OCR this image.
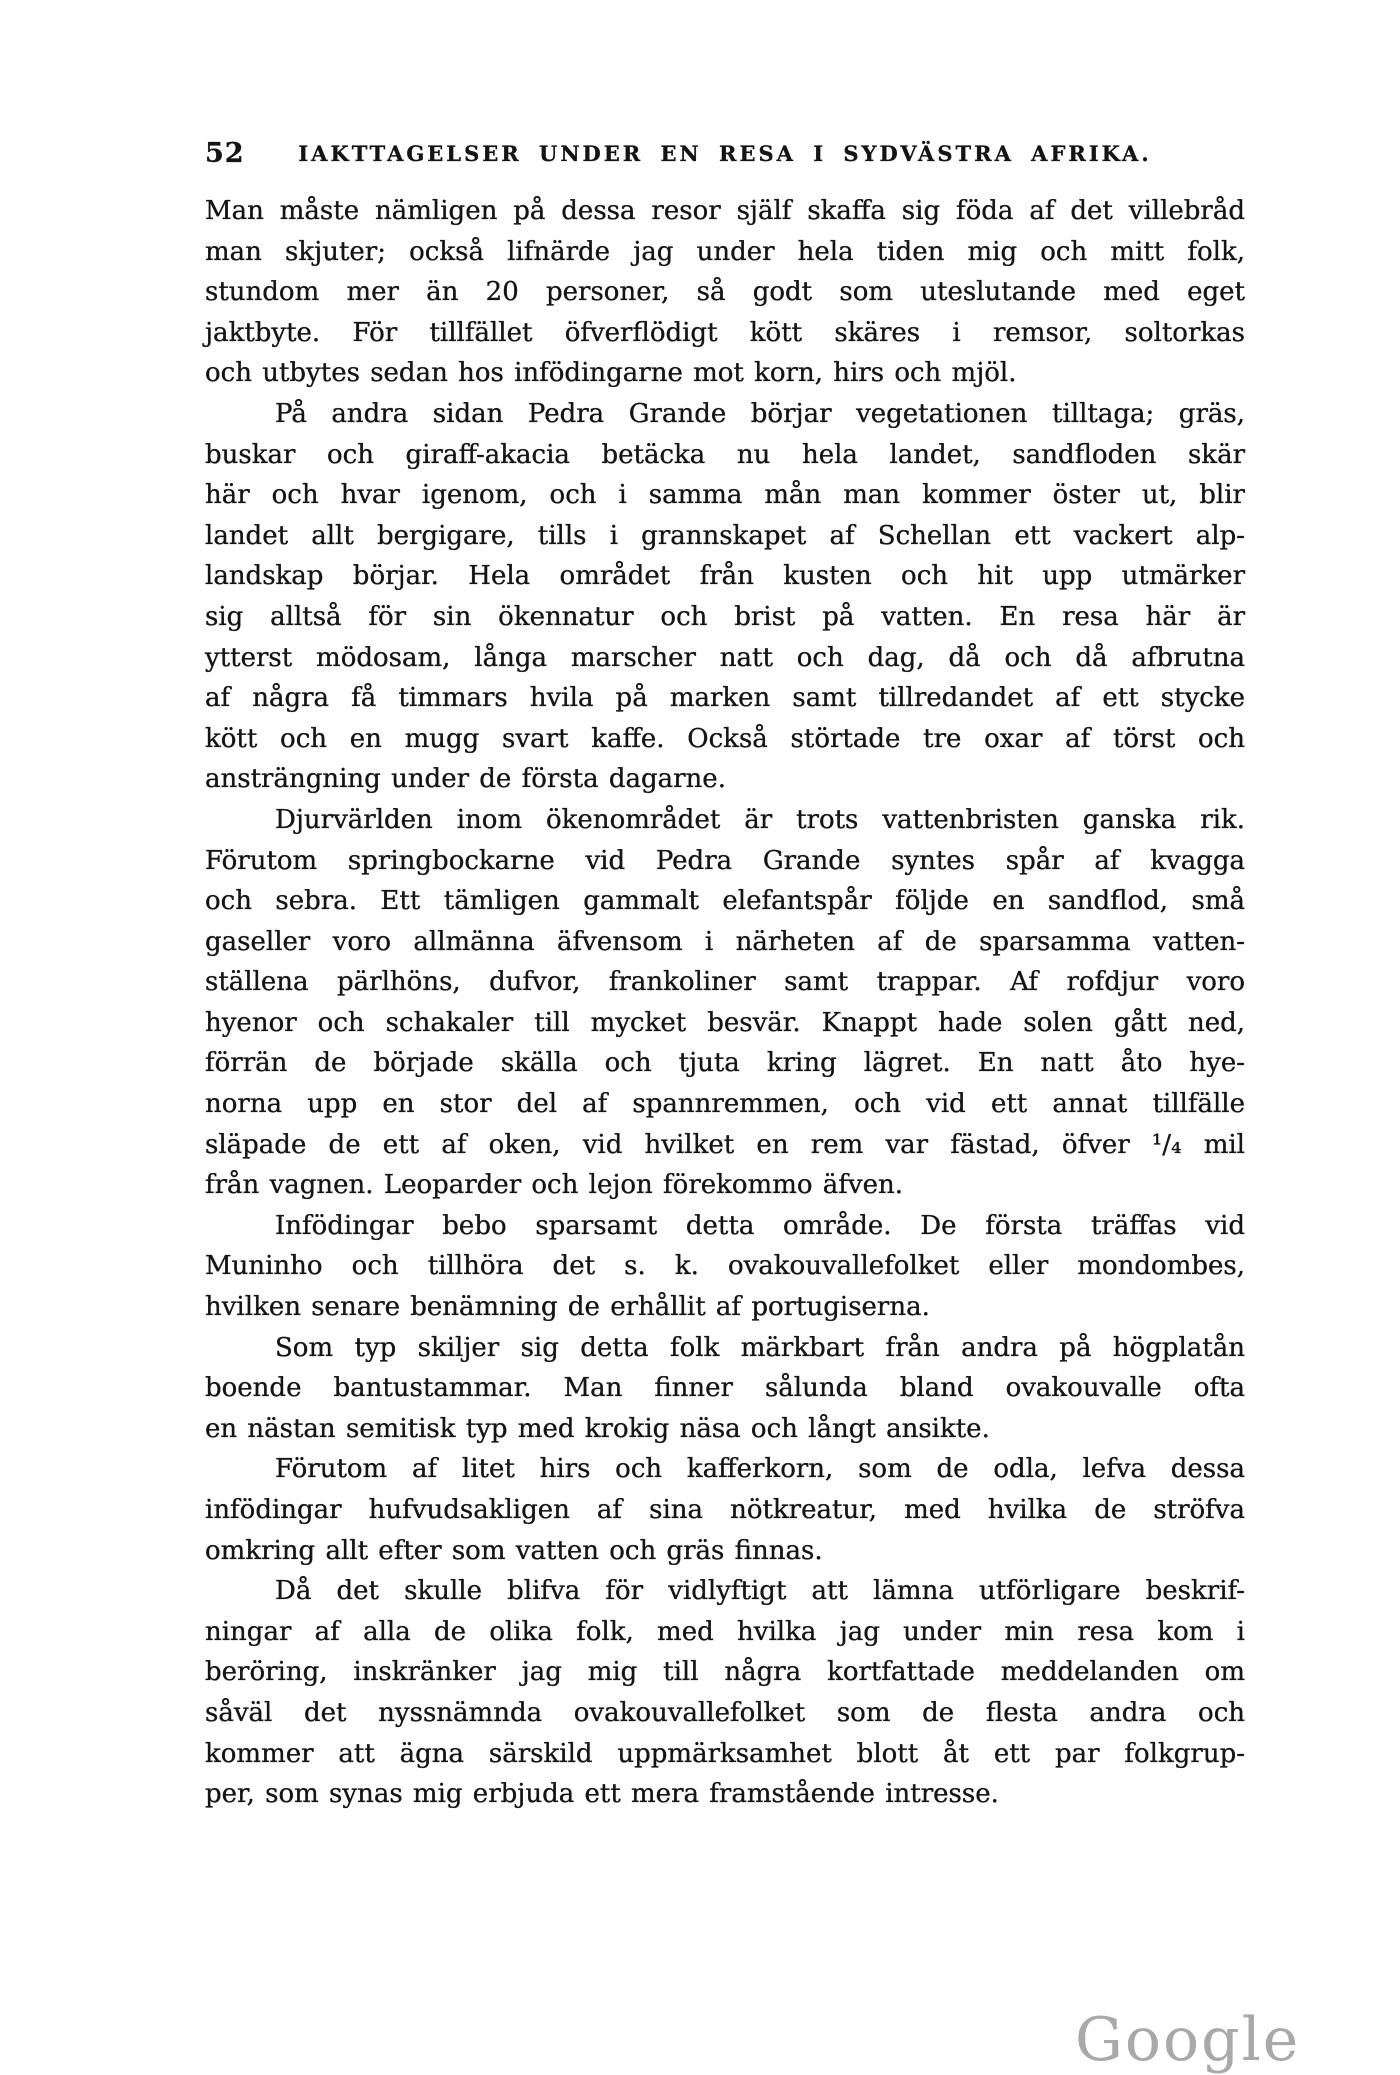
52	IAKTTAGELSER UNDER EN RESA I SYDVÄSTRA AFRIKA.
Man måste nämligen på dessa resor själf skaffa sig föda af det villebråd
man skjuter; också lifnärde jag under hela tiden mig och mitt folk,
stundom mer än 20 personer, så godt som uteslutande med eget
jaktbyte. För tillfället öfverflödigt kött skäres i remsor, soltorkas
och utbytes sedan hos infödingarne mot korn, hirs och mjöl.
På andra sidan Pedra Grande börjar vegetationen tilltaga; gräs,
buskar och giraff-akacia betäcka nu hela landet, sandfloden skär
här och hvar igenom, och i samma mån man kommer öster ut, blir
landet allt bergigare, tills i grannskapet af Schellan ett vackert alp-
landskap börjar. Hela området från kusten och hit upp utmärker
sig alltså för sin ökennatur och brist på vatten. En resa här är
ytterst mödosam, långa marscher natt och dag, då och då afbrutna
af några få timmars hvila på marken samt tillredandet af ett stycke
kött och en mugg svart kaffe. Också störtade tre oxar af törst och
ansträngning under de första dagarne.
Djurvärlden inom ökenområdet är trots vattenbristen ganska rik.
Förutom springbockarne vid Pedra Grande syntes spår af kvagga
och sebra. Ett tämligen gammalt elefantspår följde en sandflod, små
gaseller voro allmänna äfvensom i närheten af de sparsamma vatten-
ställena pärlhöns, dufvor, frankoliner samt trappar. Af rofdjur voro
hyenor och schakaler till mycket besvär. Knappt hade solen gått ned,
förrän de började skälla och tjuta kring lägret. En natt åto hye-
norna upp en stor del af spannremmen, och vid ett annat tillfälle
släpade de ett af oken, vid hvilket en rem var fästad, öfver ¹/₄ mil
från vagnen. Leoparder och lejon förekommo äfven.
Infödingar bebo sparsamt detta område. De första träffas vid
Muninho och tillhöra det s. k. ovakouvallefolket eller mondombes,
hvilken senare benämning de erhållit af portugiserna.
Som typ skiljer sig detta folk märkbart från andra på högplatån
boende bantustammar. Man finner sålunda bland ovakouvalle ofta
en nästan semitisk typ med krokig näsa och långt ansikte.
Förutom af litet hirs och kafferkorn, som de odla, lefva dessa
infödingar hufvudsakligen af sina nötkreatur, med hvilka de ströfva
omkring allt efter som vatten och gräs finnas.
Då det skulle blifva för vidlyftigt att lämna utförligare beskrif-
ningar af alla de olika folk, med hvilka jag under min resa kom i
beröring, inskränker jag mig till några kortfattade meddelanden om
såväl det nyssnämnda ovakouvallefolket som de flesta andra och
kommer att ägna särskild uppmärksamhet blott åt ett par folkgrup-
per, som synas mig erbjuda ett mera framstående intresse.
Google
